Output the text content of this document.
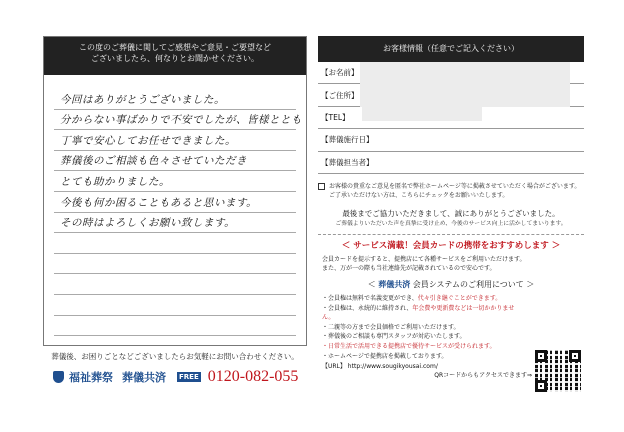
この度のご葬儀に関してご感想やご意見・ご要望など
ございましたら、何なりとお聞かせください。
今回はありがとうございました。
分からない事ばかりで不安でしたが、皆様ととも
丁寧で安心してお任せできました。
葬儀後のご相談も色々させていただき
とても助かりました。
今後も何か困ることもあると思います。
その時はよろしくお願い致します。
葬儀後、お困りごとなどございましたらお気軽にお問い合わせください。
福祉葬祭 葬儀共済 FREE 0120-082-055
お客様情報（任意でご記入ください）
【お名前】
【ご住所】
【TEL】
【葬儀施行日】
【葬儀担当者】
お客様の貴重なご意見を匿名で弊社ホームページ等に掲載させていただく場合がございます。ご了承いただけない方は、こちらにチェックをお願いいたします。
最後までご協力いただきまして、誠にありがとうございました。
ご葬儀よりいただいた声を真摯に受け止め、今後のサービス向上に活かしてまいります。
＜ サービス満載！会員カードの携帯をおすすめします ＞
会員カードを提示すると、提携店にて各種サービスをご利用いただけます。
また、万が一の際も当社連絡先が記載されているので安心です。
＜ 葬儀共済 会員システムのご利用について ＞
・会員権は無料で名義変更ができ、代々引き継ぐことができます。
・会員権は、永続的に維持され、年会費や更新費などは一切かかりません。
・二親等の方まで会員価格でご利用いただけます。
・葬儀後のご相談も専門スタッフが対応いたします。
・日常生活で活用できる提携店で優待サービスが受けられます。
・ホームページで提携店を掲載しております。
【URL】 http://www.sougikyousai.com/
QRコードからもアクセスできます⇒
